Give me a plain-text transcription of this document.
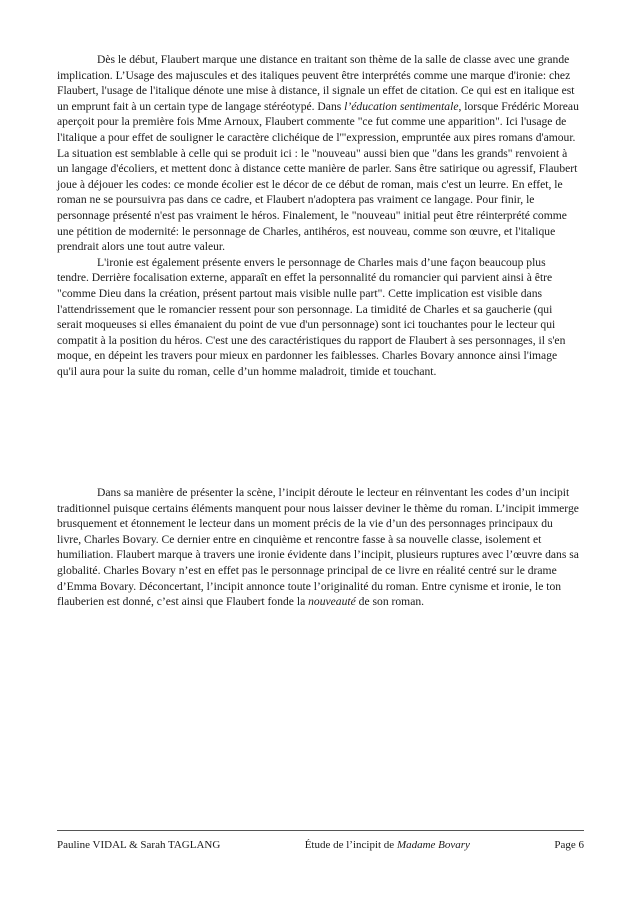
Dès le début, Flaubert marque une distance en traitant son thème de la salle de classe avec une grande implication. L’Usage des majuscules et des italiques peuvent être interprétés comme une marque d'ironie: chez Flaubert, l'usage de l'italique dénote une mise à distance, il signale un effet de citation. Ce qui est en italique est un emprunt fait à un certain type de langage stéréotypé. Dans l’éducation sentimentale, lorsque Frédéric Moreau aperçoit pour la première fois Mme Arnoux, Flaubert commente "ce fut comme une apparition". Ici l'usage de l'italique a pour effet de souligner le caractère clichéique de l'"expression, empruntée aux pires romans d'amour. La situation est semblable à celle qui se produit ici : le "nouveau" aussi bien que "dans les grands" renvoient à un langage d'écoliers, et mettent donc à distance cette manière de parler. Sans être satirique ou agressif, Flaubert joue à déjouer les codes: ce monde écolier est le décor de ce début de roman, mais c'est un leurre. En effet, le roman ne se poursuivra pas dans ce cadre, et Flaubert n'adoptera pas vraiment ce langage. Pour finir, le personnage présenté n'est pas vraiment le héros. Finalement, le "nouveau" initial peut être réinterprété comme une pétition de modernité: le personnage de Charles, antihéros, est nouveau, comme son œuvre, et l'italique prendrait alors une tout autre valeur.

L'ironie est également présente envers le personnage de Charles mais d’une façon beaucoup plus tendre. Derrière focalisation externe, apparaît en effet la personnalité du romancier qui parvient ainsi à être "comme Dieu dans la création, présent partout mais visible nulle part". Cette implication est visible dans l'attendrissement que le romancier ressent pour son personnage. La timidité de Charles et sa gaucherie (qui serait moqueuses si elles émanaient du point de vue d'un personnage) sont ici touchantes pour le lecteur qui compatit à la position du héros. C'est une des caractéristiques du rapport de Flaubert à ses personnages, il s'en moque, en dépeint les travers pour mieux en pardonner les faiblesses. Charles Bovary annonce ainsi l'image qu'il aura pour la suite du roman, celle d’un homme maladroit, timide et touchant.

Dans sa manière de présenter la scène, l’incipit déroute le lecteur en réinventant les codes d’un incipit traditionnel puisque certains éléments manquent pour nous laisser deviner le thème du roman. L’incipit immerge brusquement et étonnement le lecteur dans un moment précis de la vie d’un des personnages principaux du livre, Charles Bovary. Ce dernier entre en cinquième et rencontre fasse à sa nouvelle classe, isolement et humiliation. Flaubert marque à travers une ironie évidente dans l’incipit, plusieurs ruptures avec l’œuvre dans sa globalité. Charles Bovary n’est en effet pas le personnage principal de ce livre en réalité centré sur le drame d’Emma Bovary. Déconcertant, l’incipit annonce toute l’originalité du roman. Entre cynisme et ironie, le ton flauberien est donné, c’est ainsi que Flaubert fonde la nouveauté de son roman.

Pauline VIDAL & Sarah TAGLANG	Étude de l’incipit de Madame Bovary	Page 6
